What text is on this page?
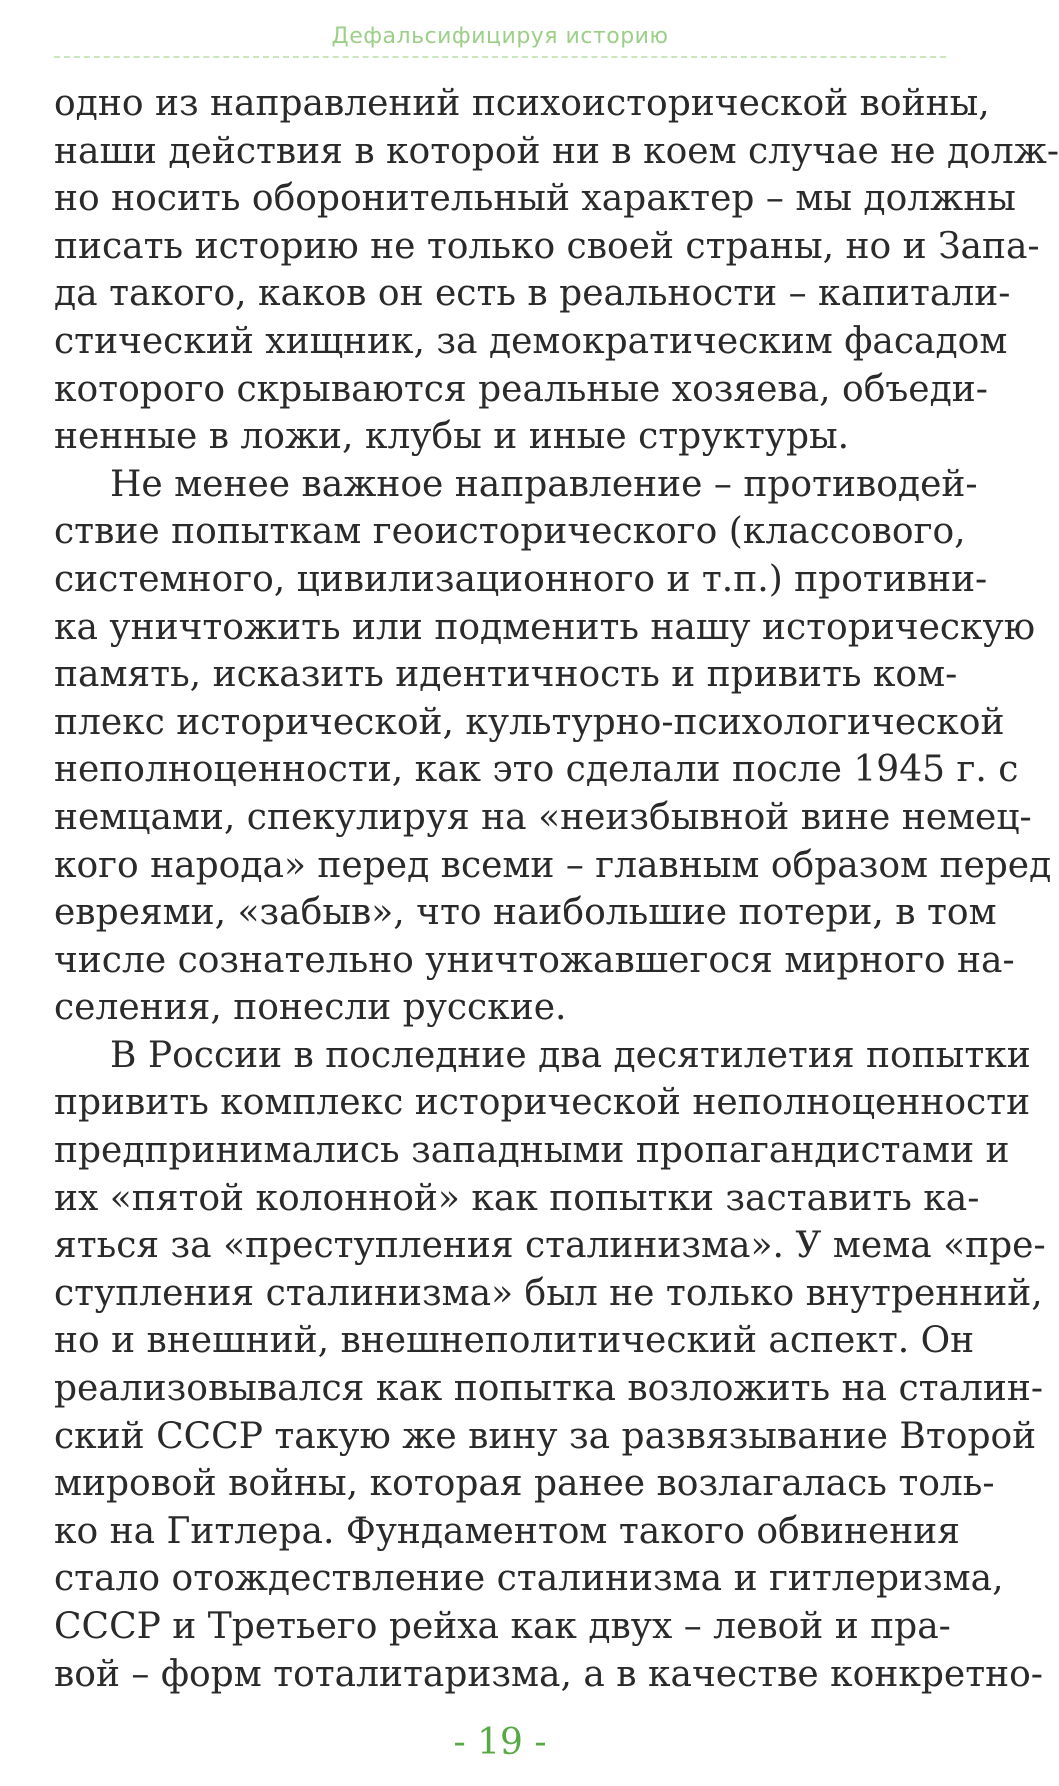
Дефальсифицируя историю

одно из направлений психоисторической войны,
наши действия в которой ни в коем случае не долж-
но носить оборонительный характер – мы должны
писать историю не только своей страны, но и Запа-
да такого, каков он есть в реальности – капитали-
стический хищник, за демократическим фасадом
которого скрываются реальные хозяева, объеди-
ненные в ложи, клубы и иные структуры.

Не менее важное направление – противодей-
ствие попыткам геоисторического (классового,
системного, цивилизационного и т.п.) противни-
ка уничтожить или подменить нашу историческую
память, исказить идентичность и привить ком-
плекс исторической, культурно-психологической
неполноценности, как это сделали после 1945 г. с
немцами, спекулируя на «неизбывной вине немец-
кого народа» перед всеми – главным образом перед
евреями, «забыв», что наибольшие потери, в том
числе сознательно уничтожавшегося мирного на-
селения, понесли русские.

В России в последние два десятилетия попытки
привить комплекс исторической неполноценности
предпринимались западными пропагандистами и
их «пятой колонной» как попытки заставить ка-
яться за «преступления сталинизма». У мема «пре-
ступления сталинизма» был не только внутренний,
но и внешний, внешнеполитический аспект. Он
реализовывался как попытка возложить на сталин-
ский СССР такую же вину за развязывание Второй
мировой войны, которая ранее возлагалась толь-
ко на Гитлера. Фундаментом такого обвинения
стало отождествление сталинизма и гитлеризма,
СССР и Третьего рейха как двух – левой и пра-
вой – форм тоталитаризма, а в качестве конкретно-

- 19 -
